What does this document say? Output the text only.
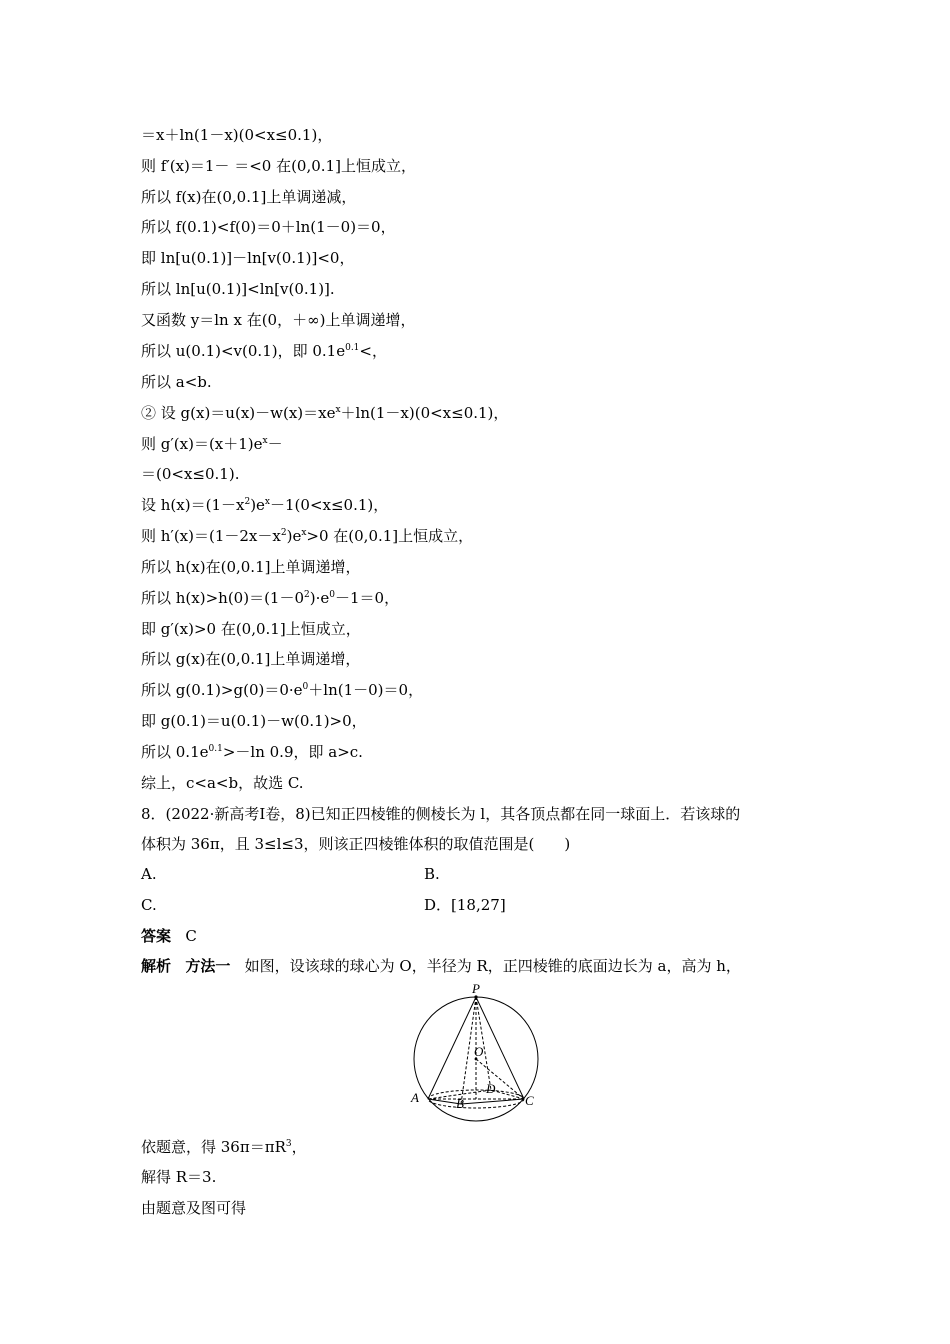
＝x＋ln(1－x)(0<x≤0.1)，
则 f′(x)＝1－ ＝<0 在(0,0.1]上恒成立，
所以 f(x)在(0,0.1]上单调递减，
所以 f(0.1)<f(0)＝0＋ln(1－0)＝0，
即 ln[u(0.1)]－ln[v(0.1)]<0，
所以 ln[u(0.1)]<ln[v(0.1)].
又函数 y＝ln x 在(0，＋∞)上单调递增，
所以 u(0.1)<v(0.1)，即 $0.1e^{0.1}<$，
所以 a<b.
② 设 $g(x)=u(x)-w(x)=xe^x+\ln(1-x)(0<x\le 0.1)$，
则 $g'(x)=(x+1)e^x-$
＝(0<x≤0.1).
设 $h(x)=(1-x^2)e^x-1(0<x\le 0.1)$，
则 $h'(x)=(1-2x-x^2)e^x>0$ 在(0,0.1]上恒成立，
所以 h(x)在(0,0.1]上单调递增，
所以 $h(x)>h(0)=(1-0^2)\cdot e^0-1=0$，
即 g′(x)>0 在(0,0.1]上恒成立，
所以 g(x)在(0,0.1]上单调递增，
所以 $g(0.1)>g(0)=0\cdot e^0+\ln(1-0)=0$，
即 g(0.1)＝u(0.1)－w(0.1)>0，
所以 $0.1e^{0.1}>-\ln$ 0.9，即 a>c.
综上，c<a<b，故选 C.
8．(2022·新高考Ⅰ卷，8)已知正四棱锥的侧棱长为 l，其各顶点都在同一球面上．若该球的
体积为 36π，且 3≤l≤3，则该正四棱锥体积的取值范围是(　　)
A.	B.
C.	D．[18,27]
答案 C
解析 方法一 如图，设该球的球心为 O，半径为 R，正四棱锥的底面边长为 a，高为 h，
P
O
D
A	B	C
依题意，得 $36\pi=\pi R^3$，
解得 R＝3.
由题意及图可得
